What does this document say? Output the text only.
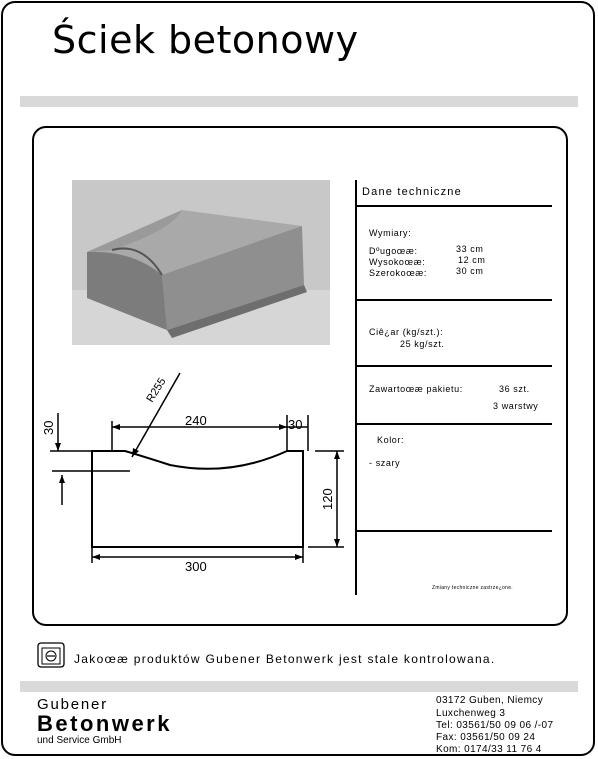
Ściek betonowy
Dane techniczne
Wymiary:
Dºugoœæ:	33 cm
Wysokoœæ:	12 cm
Szerokoœæ:	30 cm
Ciê¿ar (kg/szt.):
25 kg/szt.
Zawartoœæ pakietu:	36 szt.
3 warstwy
Kolor:
- szary
Zmiany techniczne zastrze¿one.
240	30
30
120
300
R255
Jakoœæ produktów Gubener Betonwerk jest stale kontrolowana.
Gubener
Betonwerk
und Service GmbH
03172 Guben, Niemcy
Luxchenweg 3
Tel: 03561/50 09 06 /-07
Fax: 03561/50 09 24
Kom: 0174/33 11 76 4
